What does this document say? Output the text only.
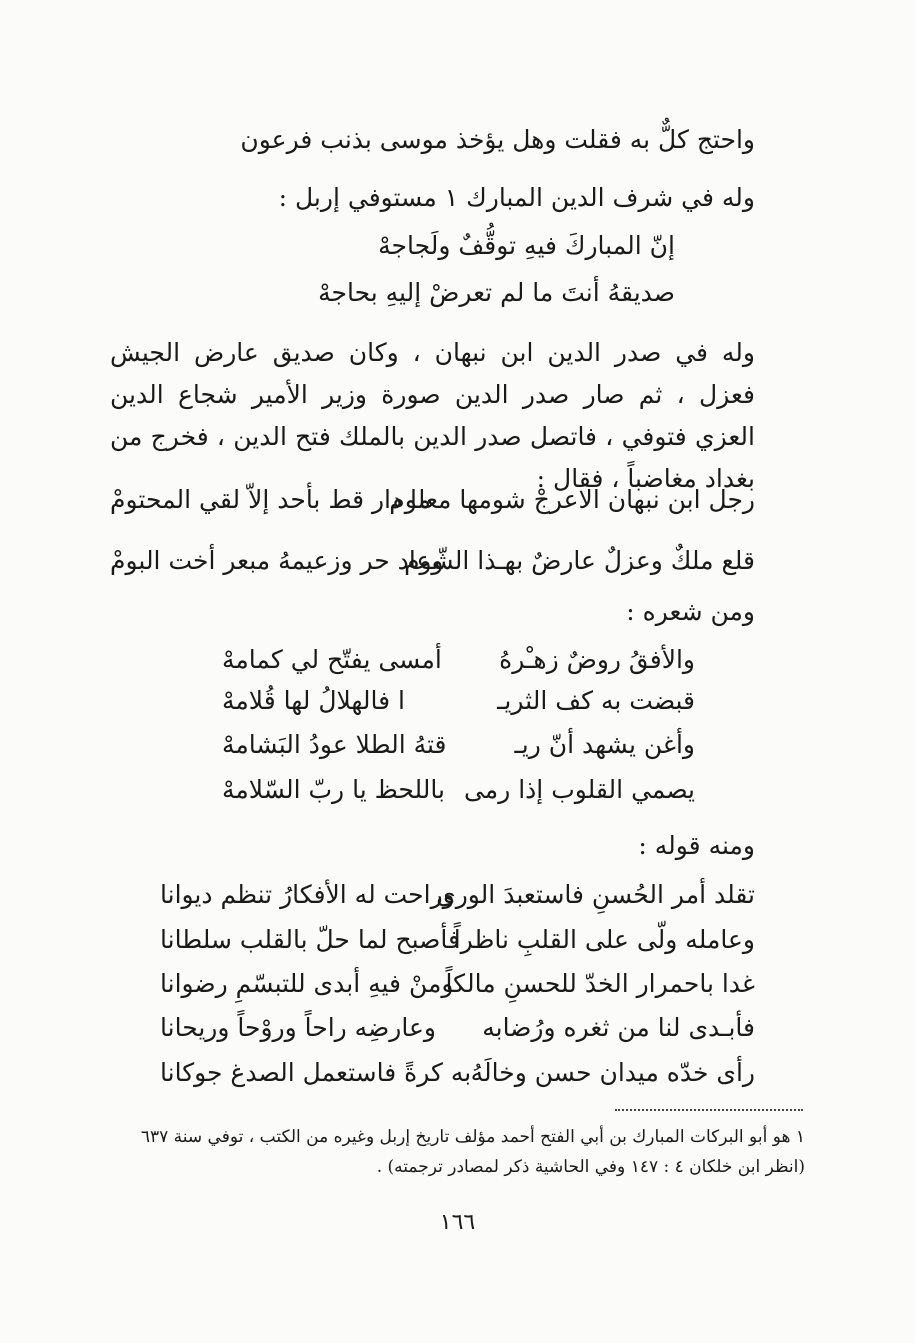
واحتج كلٌّ به فقلت وهل يؤخذ موسى بذنب فرعون
وله في شرف الدين المبارك ١ مستوفي إربل :
إنّ المباركَ فيهِ توقُّفٌ ولَجاجهْ
صديقهُ أنتَ ما لم تعرضْ إليهِ بحاجهْ
وله في صدر الدين ابن نبهان ، وكان صديق عارض الجيش فعزل ، ثم صار صدر الدين صورة وزير الأمير شجاع الدين العزي فتوفي ، فاتصل صدر الدين بالملك فتح الدين ، فخرج من بغداد مغاضباً ، فقال :
رجل ابن نبهان الاعرجْ شومها معلوم
ما دار قط بأحد إلاّ لقي المحتومْ
قلع ملكٌ وعزلٌ عارضٌ بهـذا الشّوم
وعاد حر وزعيمهُ مبعر أخت البومْ
ومن شعره :
والأفقُ روضٌ زهـْرهُ
أمسى يفتّح لي كمامهْ
قبضت به كف الثريـ
ا فالهلالُ لها قُلامهْ
وأغن يشهد أنّ ريـ
قتهُ الطلا عودُ البَشامهْ
يصمي القلوب إذا رمى
باللحظ يا ربّ السّلامهْ
ومنه قوله :
تقلد أمر الحُسنِ فاستعبدَ الورى
وراحت له الأفكارُ تنظم ديوانا
وعامله ولّى على القلبِ ناظراً
فأصبح لما حلّ بالقلب سلطانا
غدا باحمرار الخدّ للحسنِ مالكاً
ومنْ فيهِ أبدى للتبسّمِ رضوانا
فأبـدى لنا من ثغره ورُضابه
وعارضِه راحاً وروْحاً وريحانا
رأى خدّه ميدان حسن وخالَهُ
به كرةً فاستعمل الصدغ جوكانا
١ هو أبو البركات المبارك بن أبي الفتح أحمد مؤلف تاريخ إربل وغيره من الكتب ، توفي سنة ٦٣٧ (انظر ابن خلكان ٤ : ١٤٧ وفي الحاشية ذكر لمصادر ترجمته) .
١٦٦
